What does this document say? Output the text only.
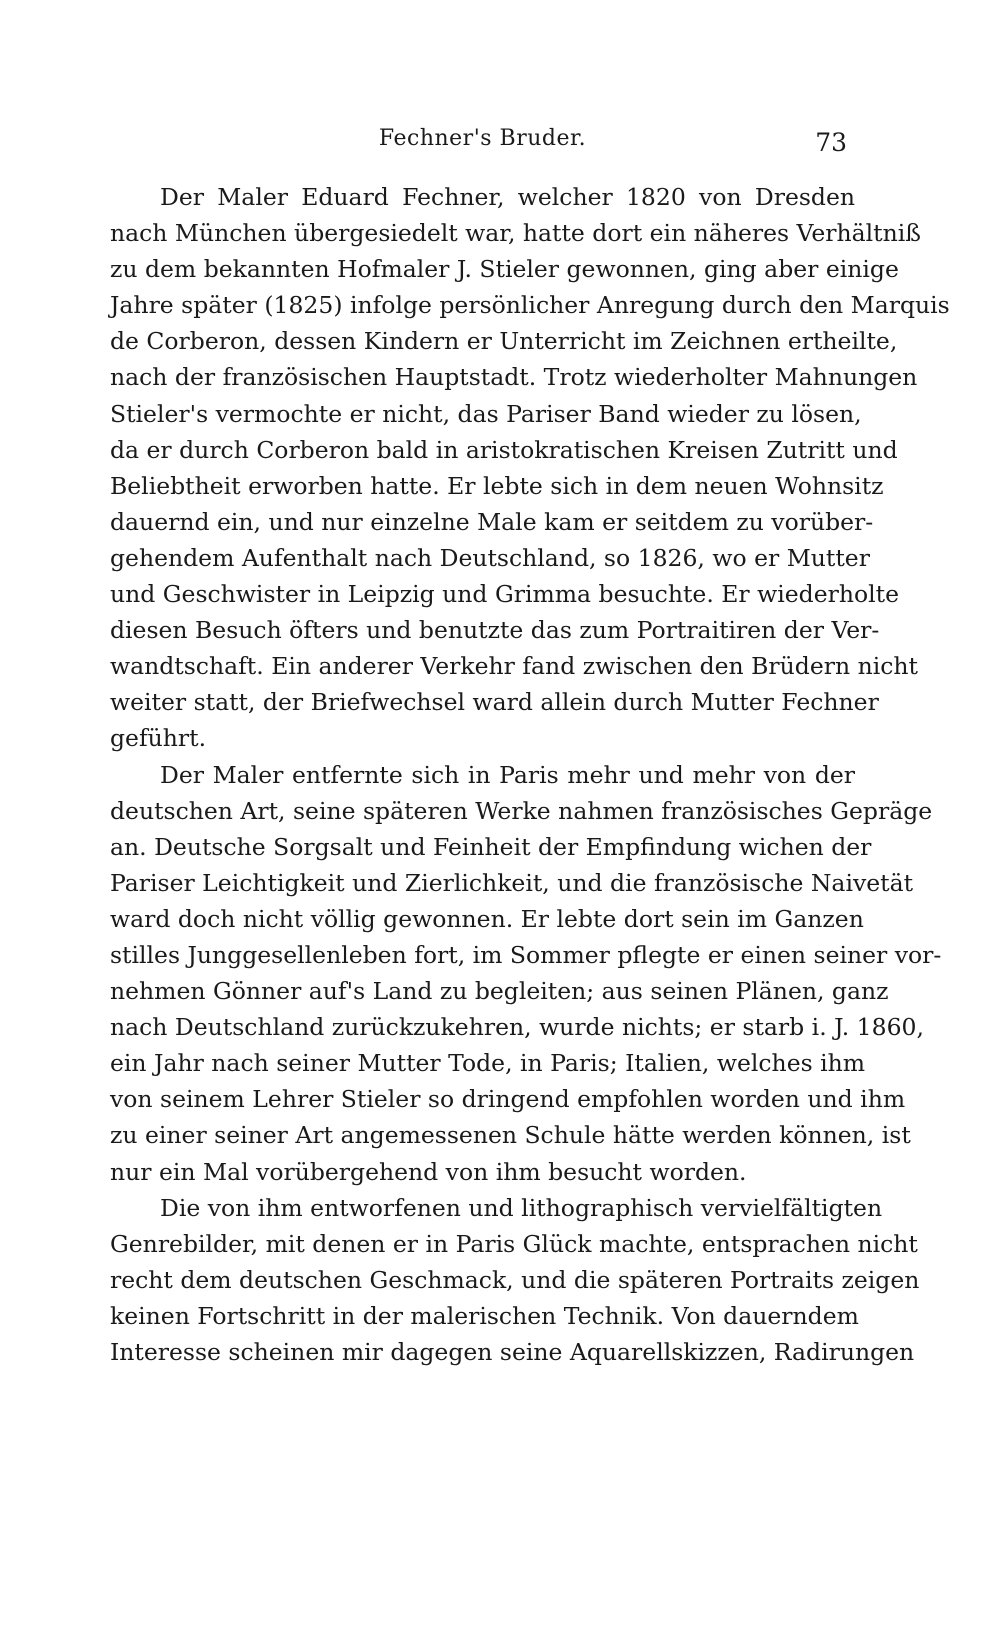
Fechner's Bruder.	73
Der Maler Eduard Fechner, welcher 1820 von Dresden
nach München übergesiedelt war, hatte dort ein näheres Verhältniß
zu dem bekannten Hofmaler J. Stieler gewonnen, ging aber einige
Jahre später (1825) infolge persönlicher Anregung durch den Marquis
de Corberon, dessen Kindern er Unterricht im Zeichnen ertheilte,
nach der französischen Hauptstadt. Trotz wiederholter Mahnungen
Stieler's vermochte er nicht, das Pariser Band wieder zu lösen,
da er durch Corberon bald in aristokratischen Kreisen Zutritt und
Beliebtheit erworben hatte. Er lebte sich in dem neuen Wohnsitz
dauernd ein, und nur einzelne Male kam er seitdem zu vorüber-
gehendem Aufenthalt nach Deutschland, so 1826, wo er Mutter
und Geschwister in Leipzig und Grimma besuchte. Er wiederholte
diesen Besuch öfters und benutzte das zum Portraitiren der Ver-
wandtschaft. Ein anderer Verkehr fand zwischen den Brüdern nicht
weiter statt, der Briefwechsel ward allein durch Mutter Fechner
geführt.
Der Maler entfernte sich in Paris mehr und mehr von der
deutschen Art, seine späteren Werke nahmen französisches Gepräge
an. Deutsche Sorgsalt und Feinheit der Empfindung wichen der
Pariser Leichtigkeit und Zierlichkeit, und die französische Naivetät
ward doch nicht völlig gewonnen. Er lebte dort sein im Ganzen
stilles Junggesellenleben fort, im Sommer pflegte er einen seiner vor-
nehmen Gönner auf's Land zu begleiten; aus seinen Plänen, ganz
nach Deutschland zurückzukehren, wurde nichts; er starb i. J. 1860,
ein Jahr nach seiner Mutter Tode, in Paris; Italien, welches ihm
von seinem Lehrer Stieler so dringend empfohlen worden und ihm
zu einer seiner Art angemessenen Schule hätte werden können, ist
nur ein Mal vorübergehend von ihm besucht worden.
Die von ihm entworfenen und lithographisch vervielfältigten
Genrebilder, mit denen er in Paris Glück machte, entsprachen nicht
recht dem deutschen Geschmack, und die späteren Portraits zeigen
keinen Fortschritt in der malerischen Technik. Von dauerndem
Interesse scheinen mir dagegen seine Aquarellskizzen, Radirungen
